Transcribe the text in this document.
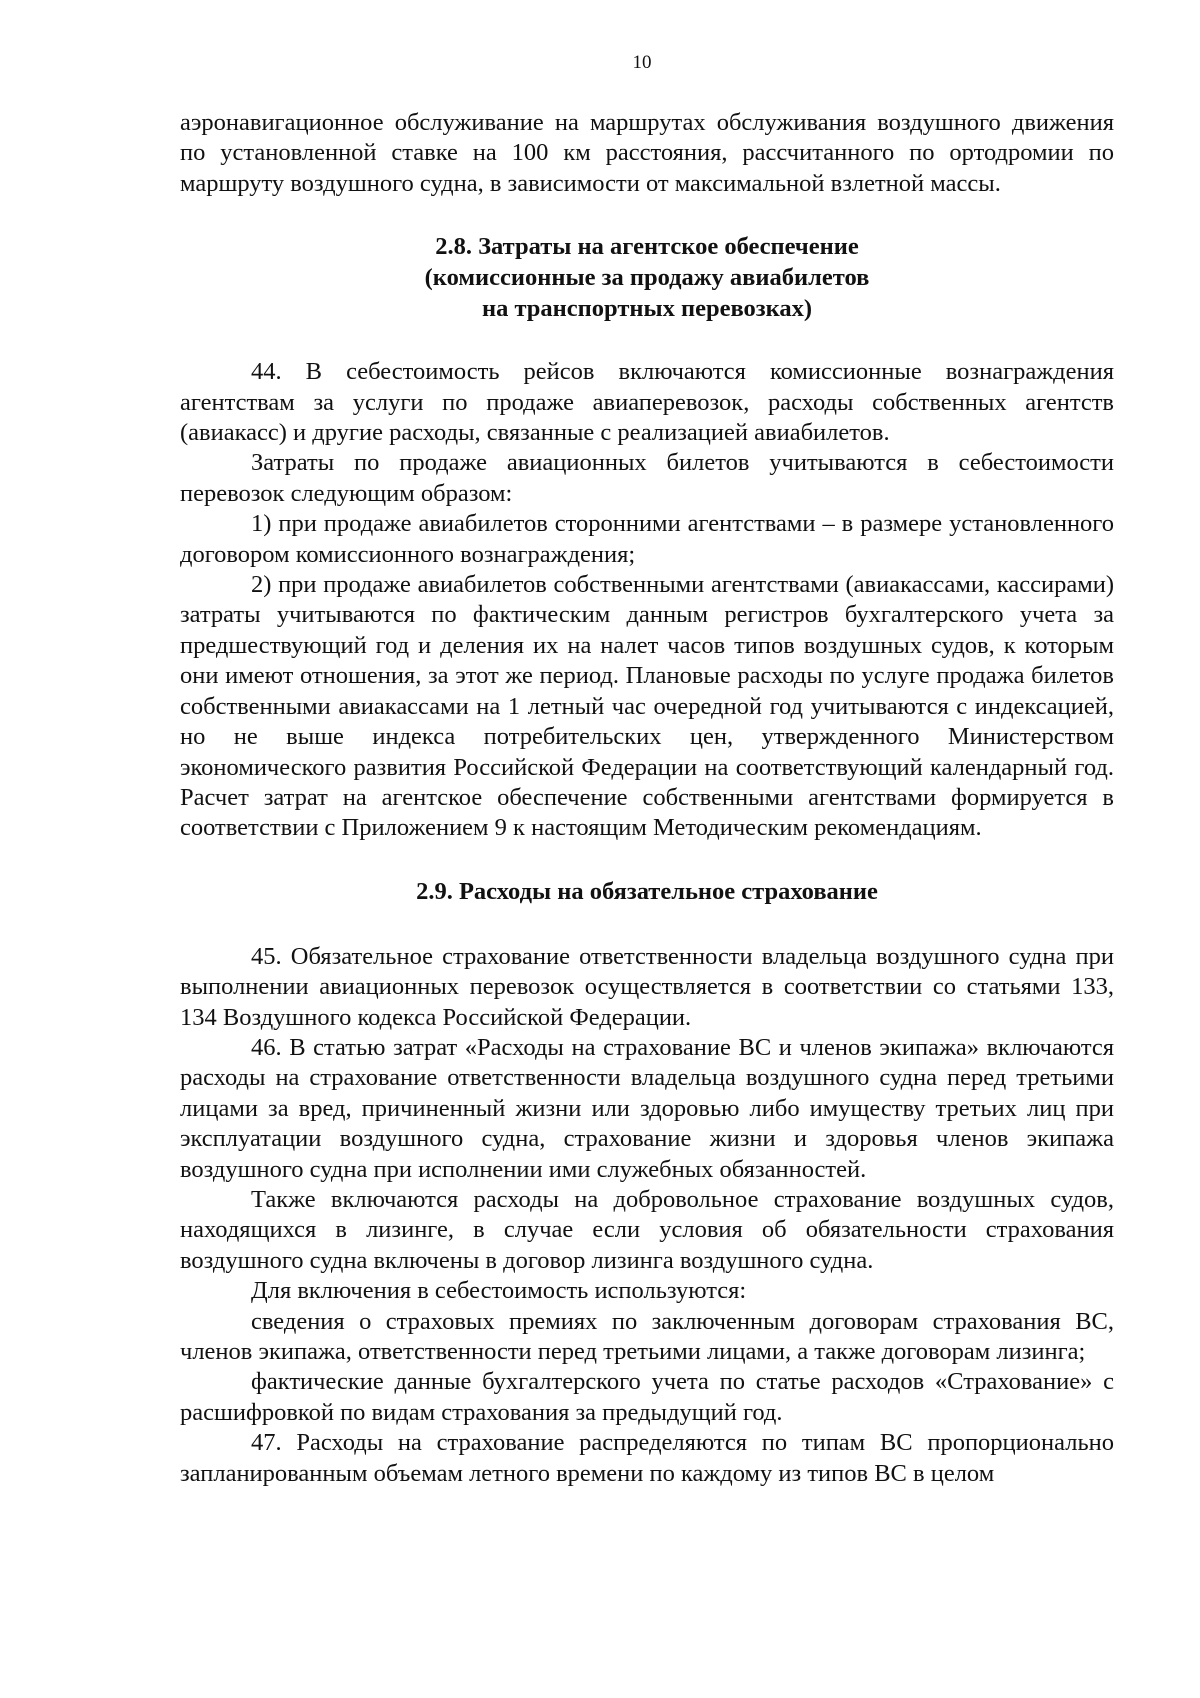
10

аэронавигационное обслуживание на маршрутах обслуживания воздушного движения по установленной ставке на 100 км расстояния, рассчитанного по ортодромии по маршруту воздушного судна, в зависимости от максимальной взлетной массы.

2.8. Затраты на агентское обеспечение
(комиссионные за продажу авиабилетов
на транспортных перевозках)

44. В себестоимость рейсов включаются комиссионные вознаграждения агентствам за услуги по продаже авиаперевозок, расходы собственных агентств (авиакасс) и другие расходы, связанные с реализацией авиабилетов.

Затраты по продаже авиационных билетов учитываются в себестоимости перевозок следующим образом:

1) при продаже авиабилетов сторонними агентствами – в размере установленного договором комиссионного вознаграждения;

2) при продаже авиабилетов собственными агентствами (авиакассами, кассирами) затраты учитываются по фактическим данным регистров бухгалтерского учета за предшествующий год и деления их на налет часов типов воздушных судов, к которым они имеют отношения, за этот же период. Плановые расходы по услуге продажа билетов собственными авиакассами на 1 летный час очередной год учитываются с индексацией, но не выше индекса потребительских цен, утвержденного Министерством экономического развития Российской Федерации на соответствующий календарный год. Расчет затрат на агентское обеспечение собственными агентствами формируется в соответствии с Приложением 9 к настоящим Методическим рекомендациям.

2.9. Расходы на обязательное страхование

45. Обязательное страхование ответственности владельца воздушного судна при выполнении авиационных перевозок осуществляется в соответствии со статьями 133, 134 Воздушного кодекса Российской Федерации.

46. В статью затрат «Расходы на страхование ВС и членов экипажа» включаются расходы на страхование ответственности владельца воздушного судна перед третьими лицами за вред, причиненный жизни или здоровью либо имуществу третьих лиц при эксплуатации воздушного судна, страхование жизни и здоровья членов экипажа воздушного судна при исполнении ими служебных обязанностей.

Также включаются расходы на добровольное страхование воздушных судов, находящихся в лизинге, в случае если условия об обязательности страхования воздушного судна включены в договор лизинга воздушного судна.

Для включения в себестоимость используются:

сведения о страховых премиях по заключенным договорам страхования ВС, членов экипажа, ответственности перед третьими лицами, а также договорам лизинга;

фактические данные бухгалтерского учета по статье расходов «Страхование» с расшифровкой по видам страхования за предыдущий год.

47. Расходы на страхование распределяются по типам ВС пропорционально запланированным объемам летного времени по каждому из типов ВС в целом
